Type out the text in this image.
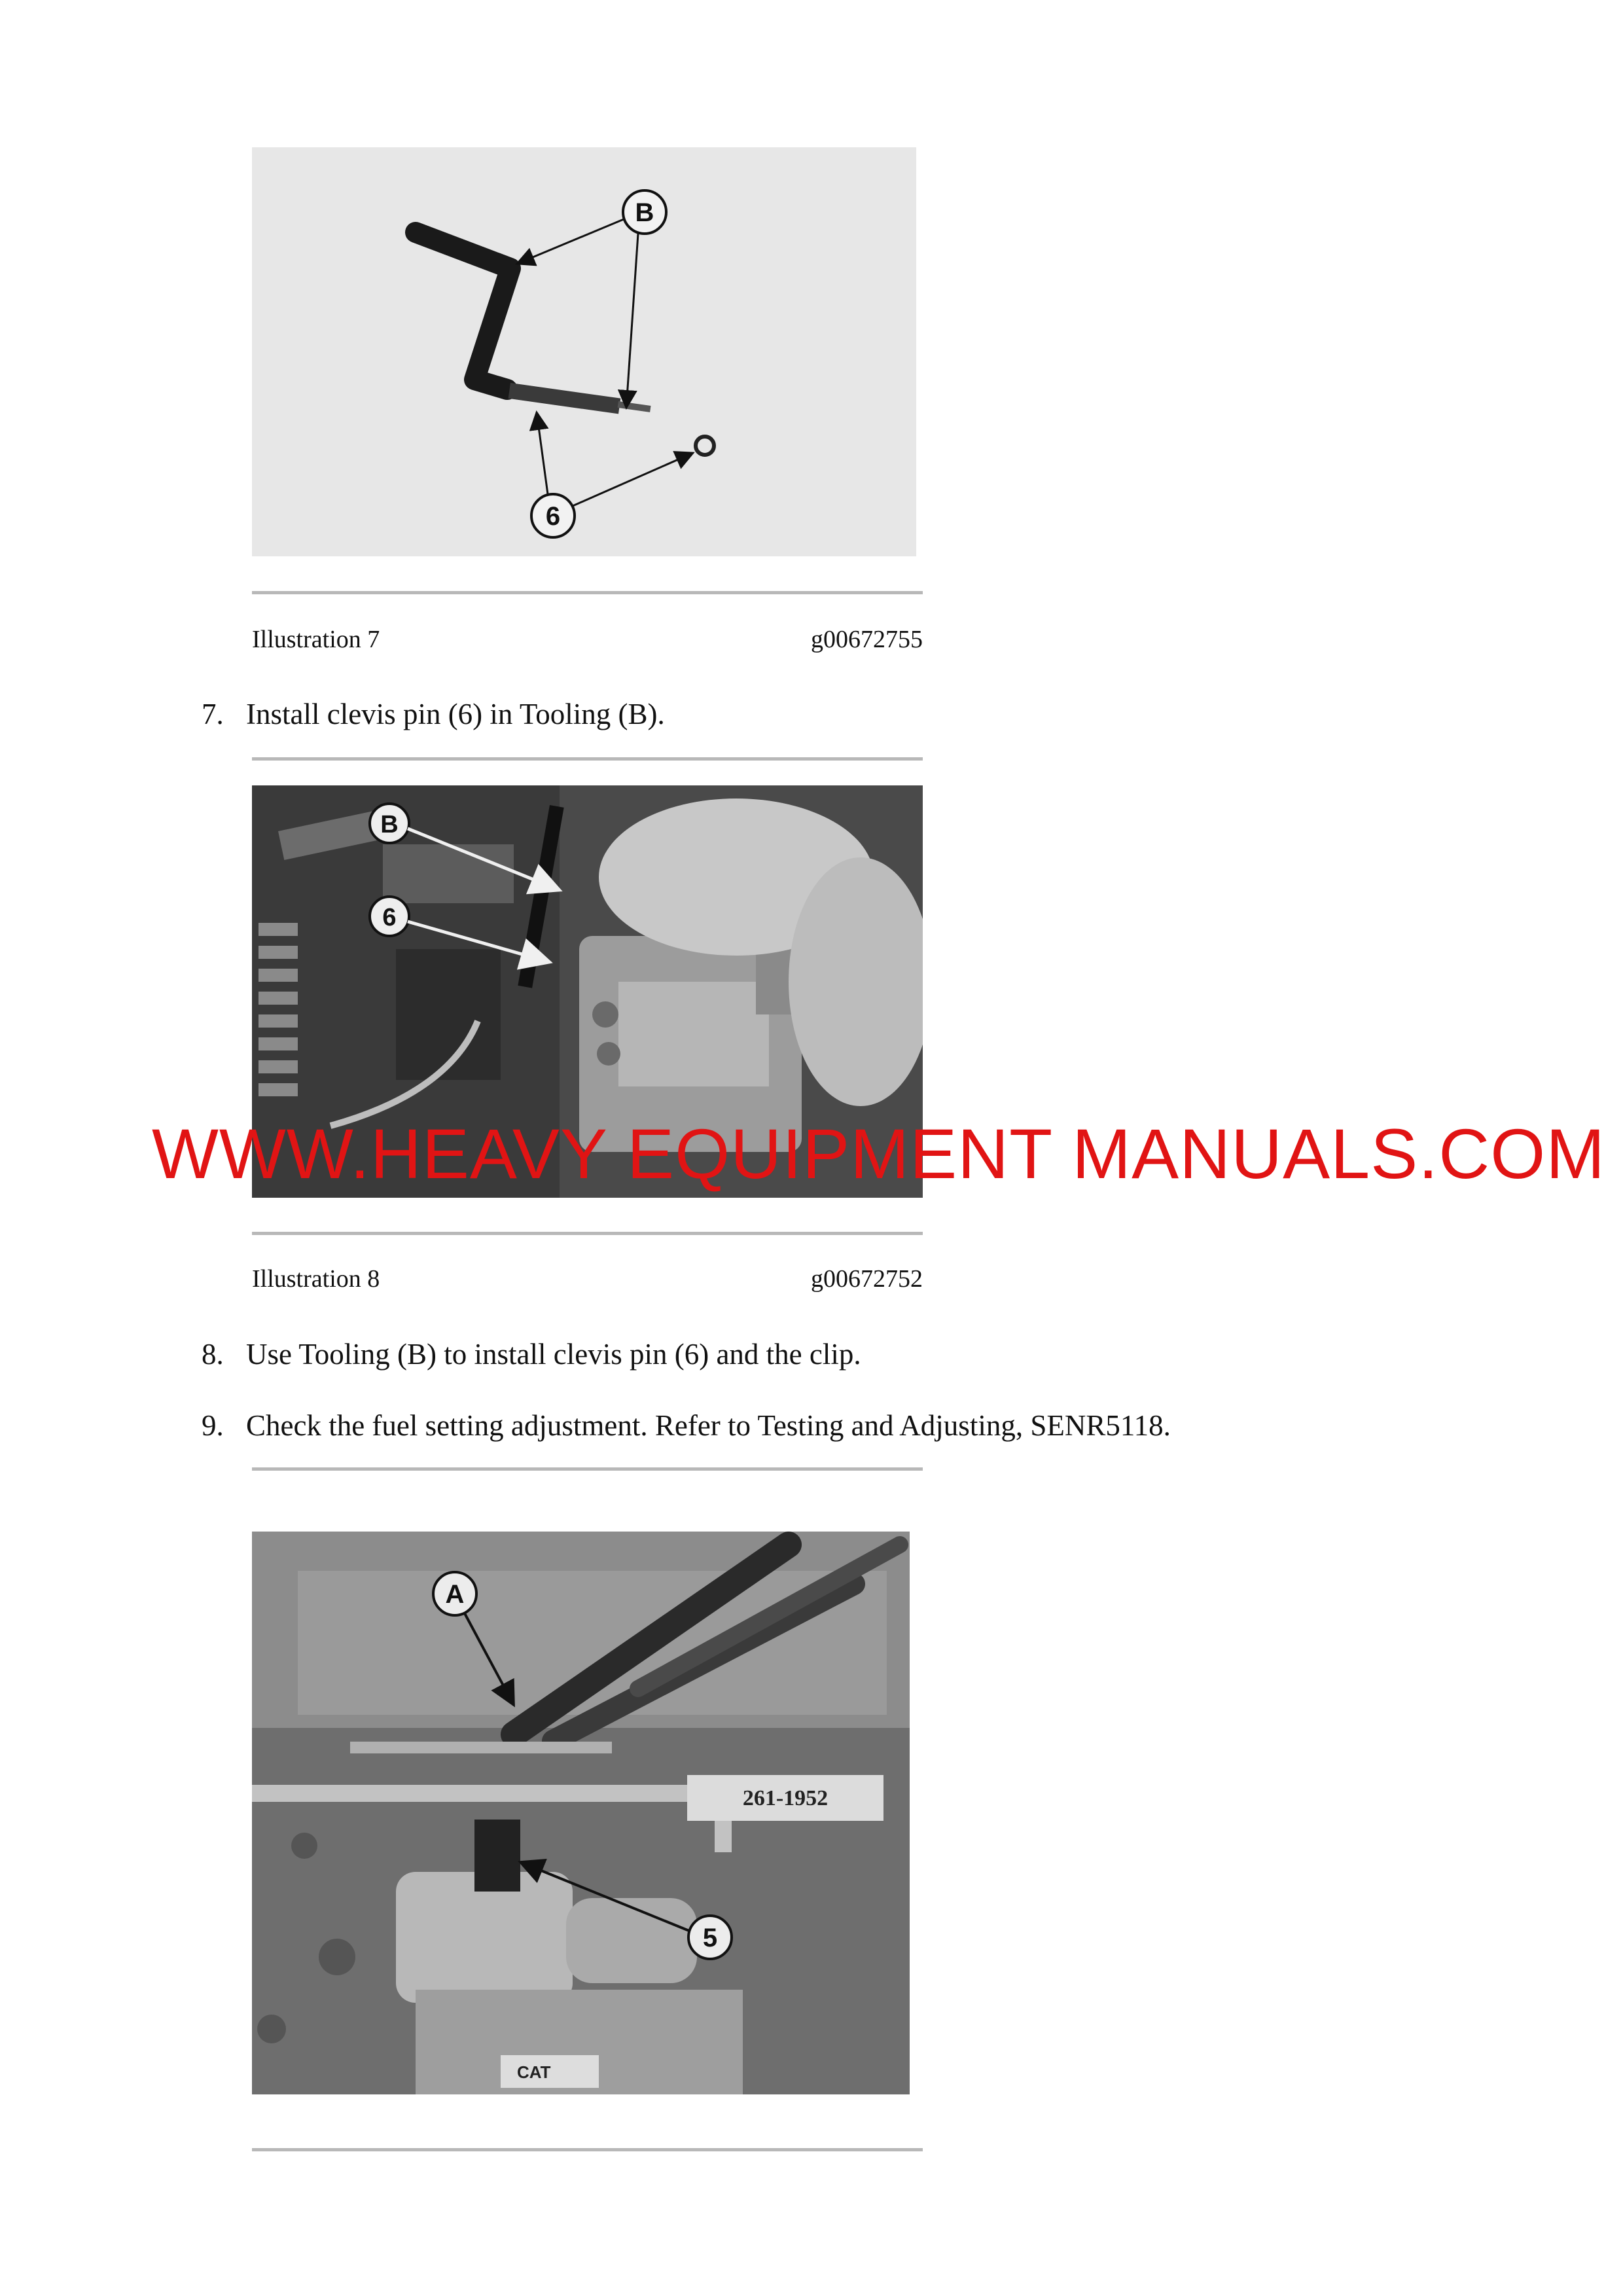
B
6
Illustration 7	g00672755
7. Install clevis pin (6) in Tooling (B).
B
6
WWW.HEAVY EQUIPMENT MANUALS.COM
Illustration 8	g00672752
8. Use Tooling (B) to install clevis pin (6) and the clip.
9. Check the fuel setting adjustment. Refer to Testing and Adjusting, SENR5118.
261-1952
CAT
A
5
